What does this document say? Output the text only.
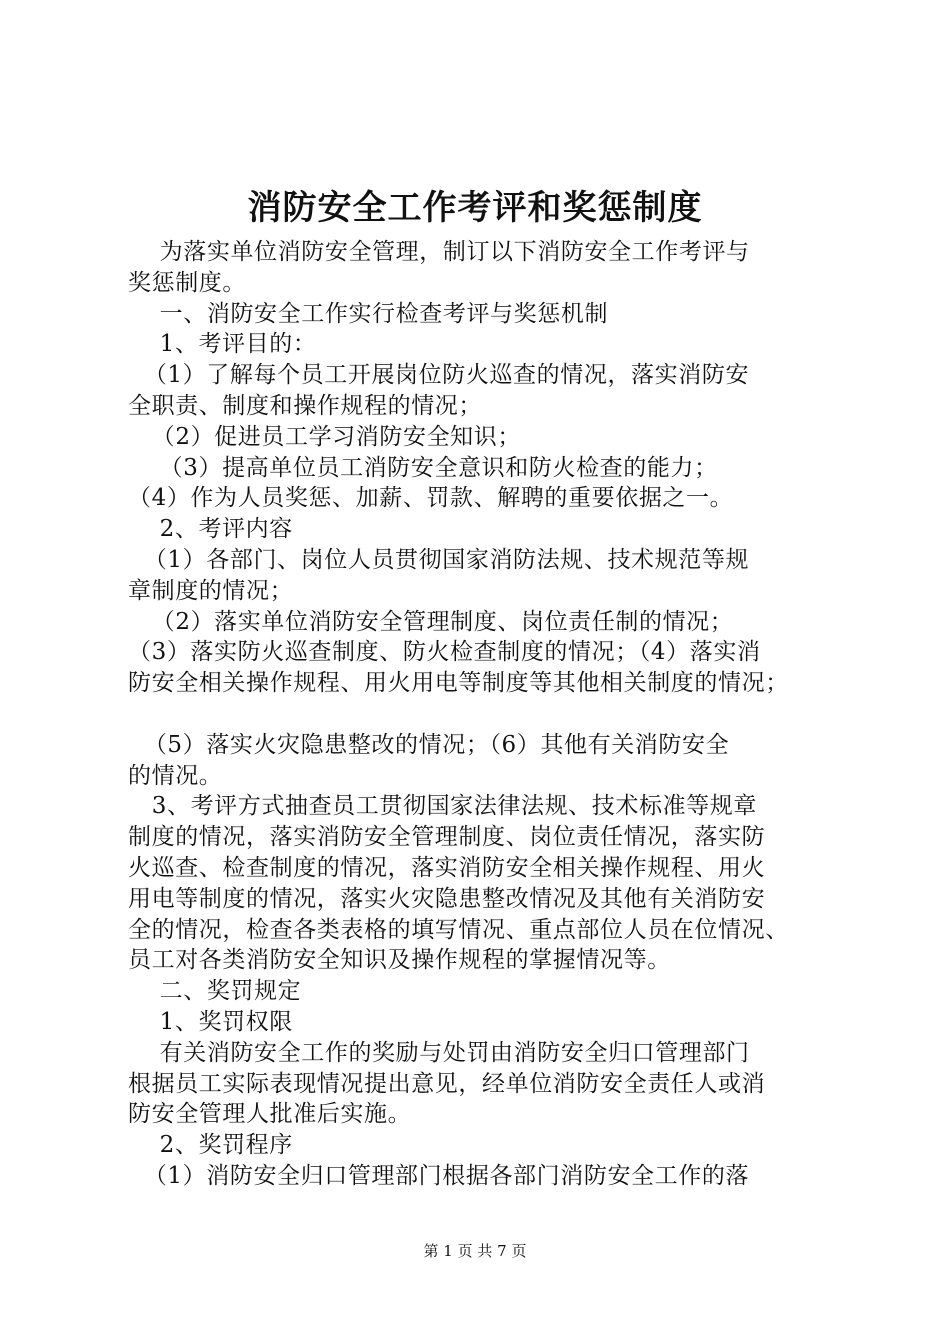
消防安全工作考评和奖惩制度
为落实单位消防安全管理，制订以下消防安全工作考评与
奖惩制度。
一、消防安全工作实行检查考评与奖惩机制
1、考评目的：
（1）了解每个员工开展岗位防火巡查的情况，落实消防安
全职责、制度和操作规程的情况；
（2）促进员工学习消防安全知识；
（3）提高单位员工消防安全意识和防火检查的能力；
（4）作为人员奖惩、加薪、罚款、解聘的重要依据之一。
2、考评内容
（1）各部门、岗位人员贯彻国家消防法规、技术规范等规
章制度的情况；
（2）落实单位消防安全管理制度、岗位责任制的情况；
（3）落实防火巡查制度、防火检查制度的情况；（4）落实消
防安全相关操作规程、用火用电等制度等其他相关制度的情况；
（5）落实火灾隐患整改的情况；（6）其他有关消防安全
的情况。
3、考评方式抽查员工贯彻国家法律法规、技术标准等规章
制度的情况，落实消防安全管理制度、岗位责任情况，落实防
火巡查、检查制度的情况，落实消防安全相关操作规程、用火
用电等制度的情况，落实火灾隐患整改情况及其他有关消防安
全的情况，检查各类表格的填写情况、重点部位人员在位情况、
员工对各类消防安全知识及操作规程的掌握情况等。
二、奖罚规定
1、奖罚权限
有关消防安全工作的奖励与处罚由消防安全归口管理部门
根据员工实际表现情况提出意见，经单位消防安全责任人或消
防安全管理人批准后实施。
2、奖罚程序
（1）消防安全归口管理部门根据各部门消防安全工作的落
第 1 页 共 7 页
